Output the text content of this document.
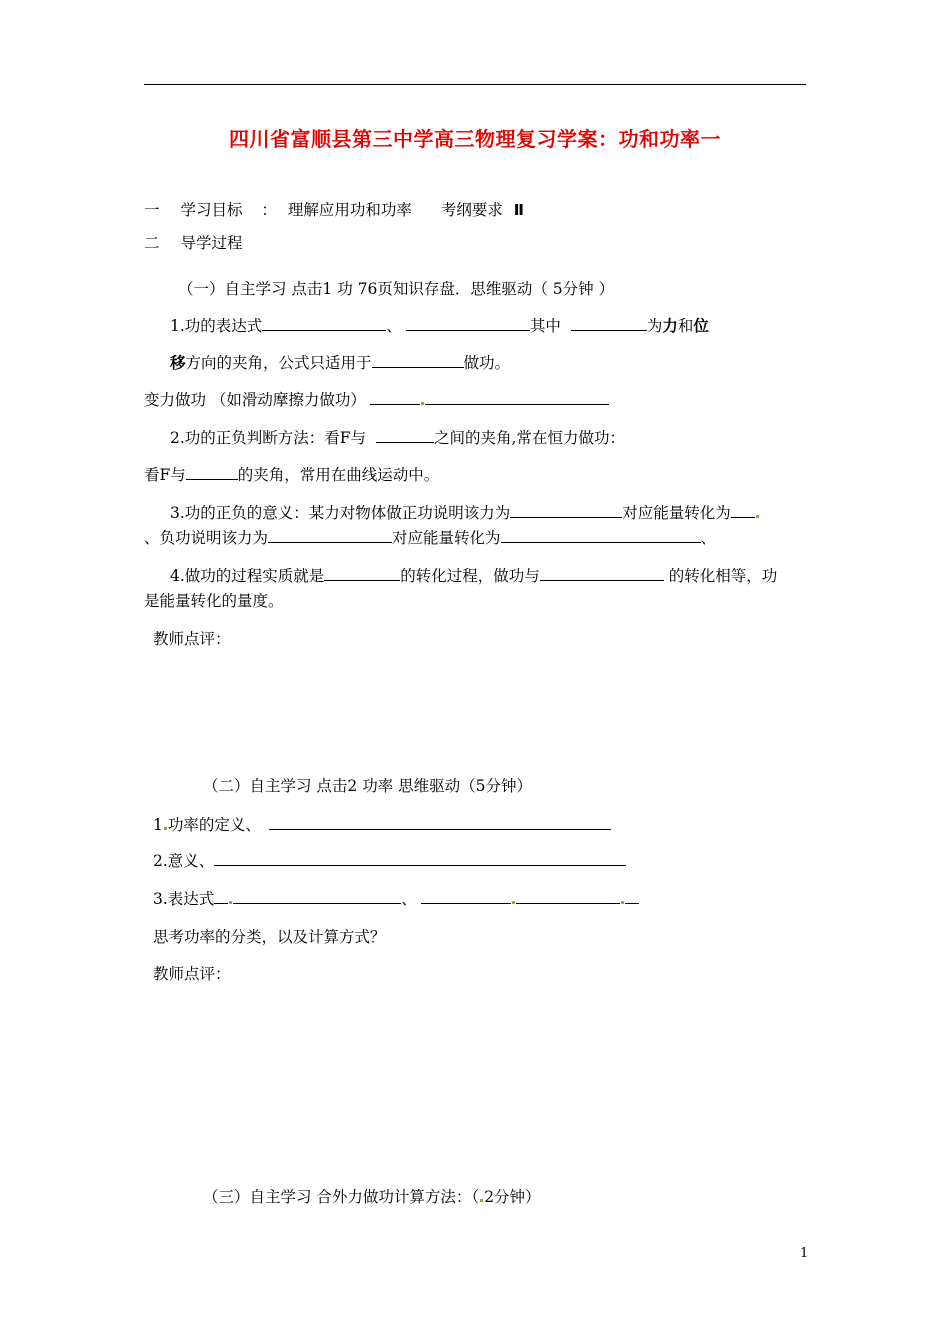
四川省富顺县第三中学高三物理复习学案：功和功率一
一 学习目标 ： 理解应用功和功率 考纲要求 Ⅱ
二 导学过程
（一）自主学习 点击1 功 76页知识存盘．思维驱动（ 5分钟 ）
1.功的表达式	、	其中	为力和位
移方向的夹角，公式只适用于	做功。
变力做功 （如滑动摩擦力做功）
2.功的正负判断方法：看F与	之间的夹角,常在恒力做功：
看F与	的夹角，常用在曲线运动中。
3.功的正负的意义：某力对物体做正功说明该力为	对应能量转化为
、负功说明该力为	对应能量转化为	、
4.做功的过程实质就是	的转化过程，做功与	的转化相等，功
是能量转化的量度。
教师点评：
（二）自主学习 点击2 功率 思维驱动（5分钟）
1 功率的定义、
2.意义、
3.表达式	、
思考功率的分类，以及计算方式？
教师点评：
（三）自主学习 合外力做功计算方法：（ 2分钟）
1
